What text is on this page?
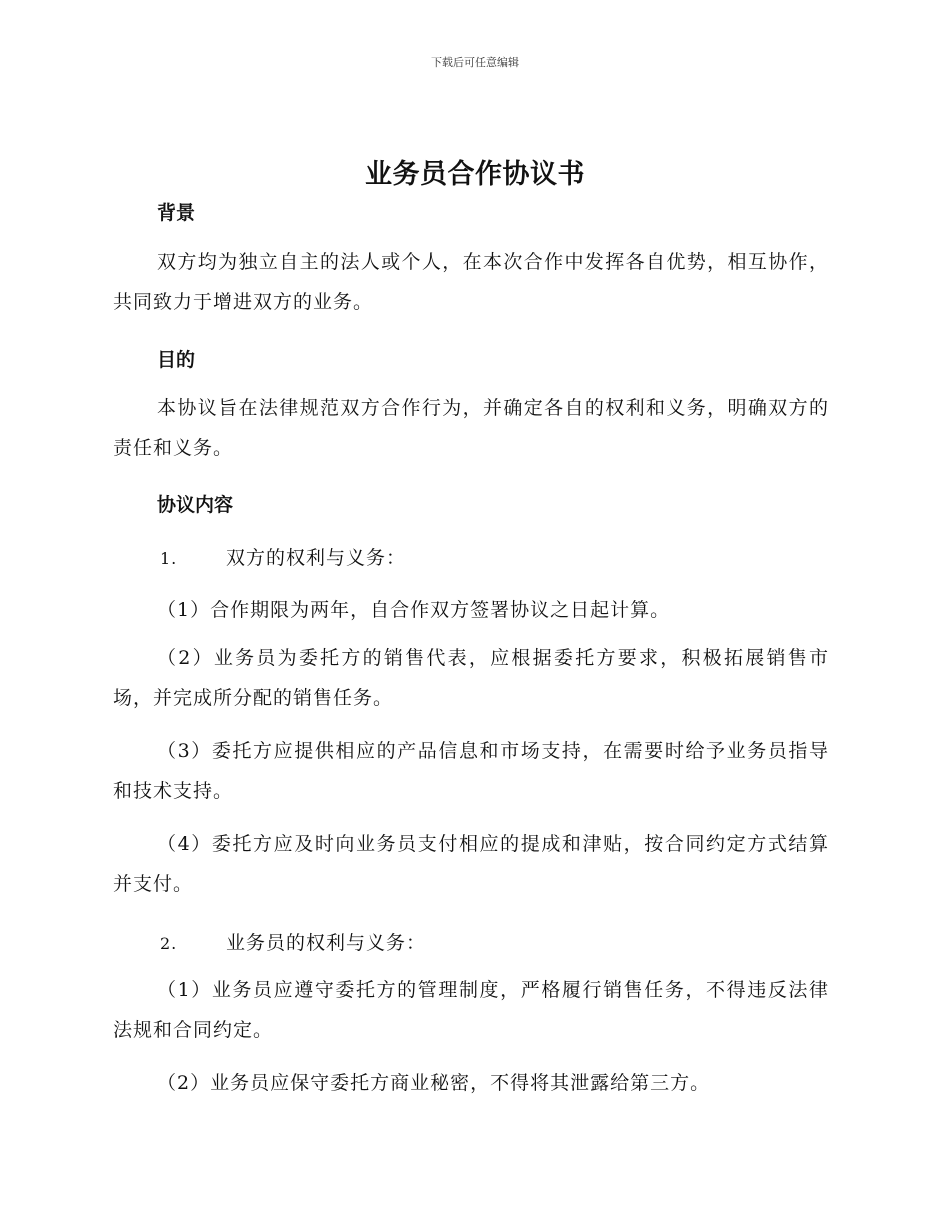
下载后可任意编辑
业务员合作协议书
背景
双方均为独立自主的法人或个人，在本次合作中发挥各自优势，相互协作，共同致力于增进双方的业务。
目的
本协议旨在法律规范双方合作行为，并确定各自的权利和义务，明确双方的责任和义务。
协议内容
1.	双方的权利与义务：
（1）合作期限为两年，自合作双方签署协议之日起计算。
（2）业务员为委托方的销售代表，应根据委托方要求，积极拓展销售市场，并完成所分配的销售任务。
（3）委托方应提供相应的产品信息和市场支持，在需要时给予业务员指导和技术支持。
（4）委托方应及时向业务员支付相应的提成和津贴，按合同约定方式结算并支付。
2.	业务员的权利与义务：
（1）业务员应遵守委托方的管理制度，严格履行销售任务，不得违反法律法规和合同约定。
（2）业务员应保守委托方商业秘密，不得将其泄露给第三方。
